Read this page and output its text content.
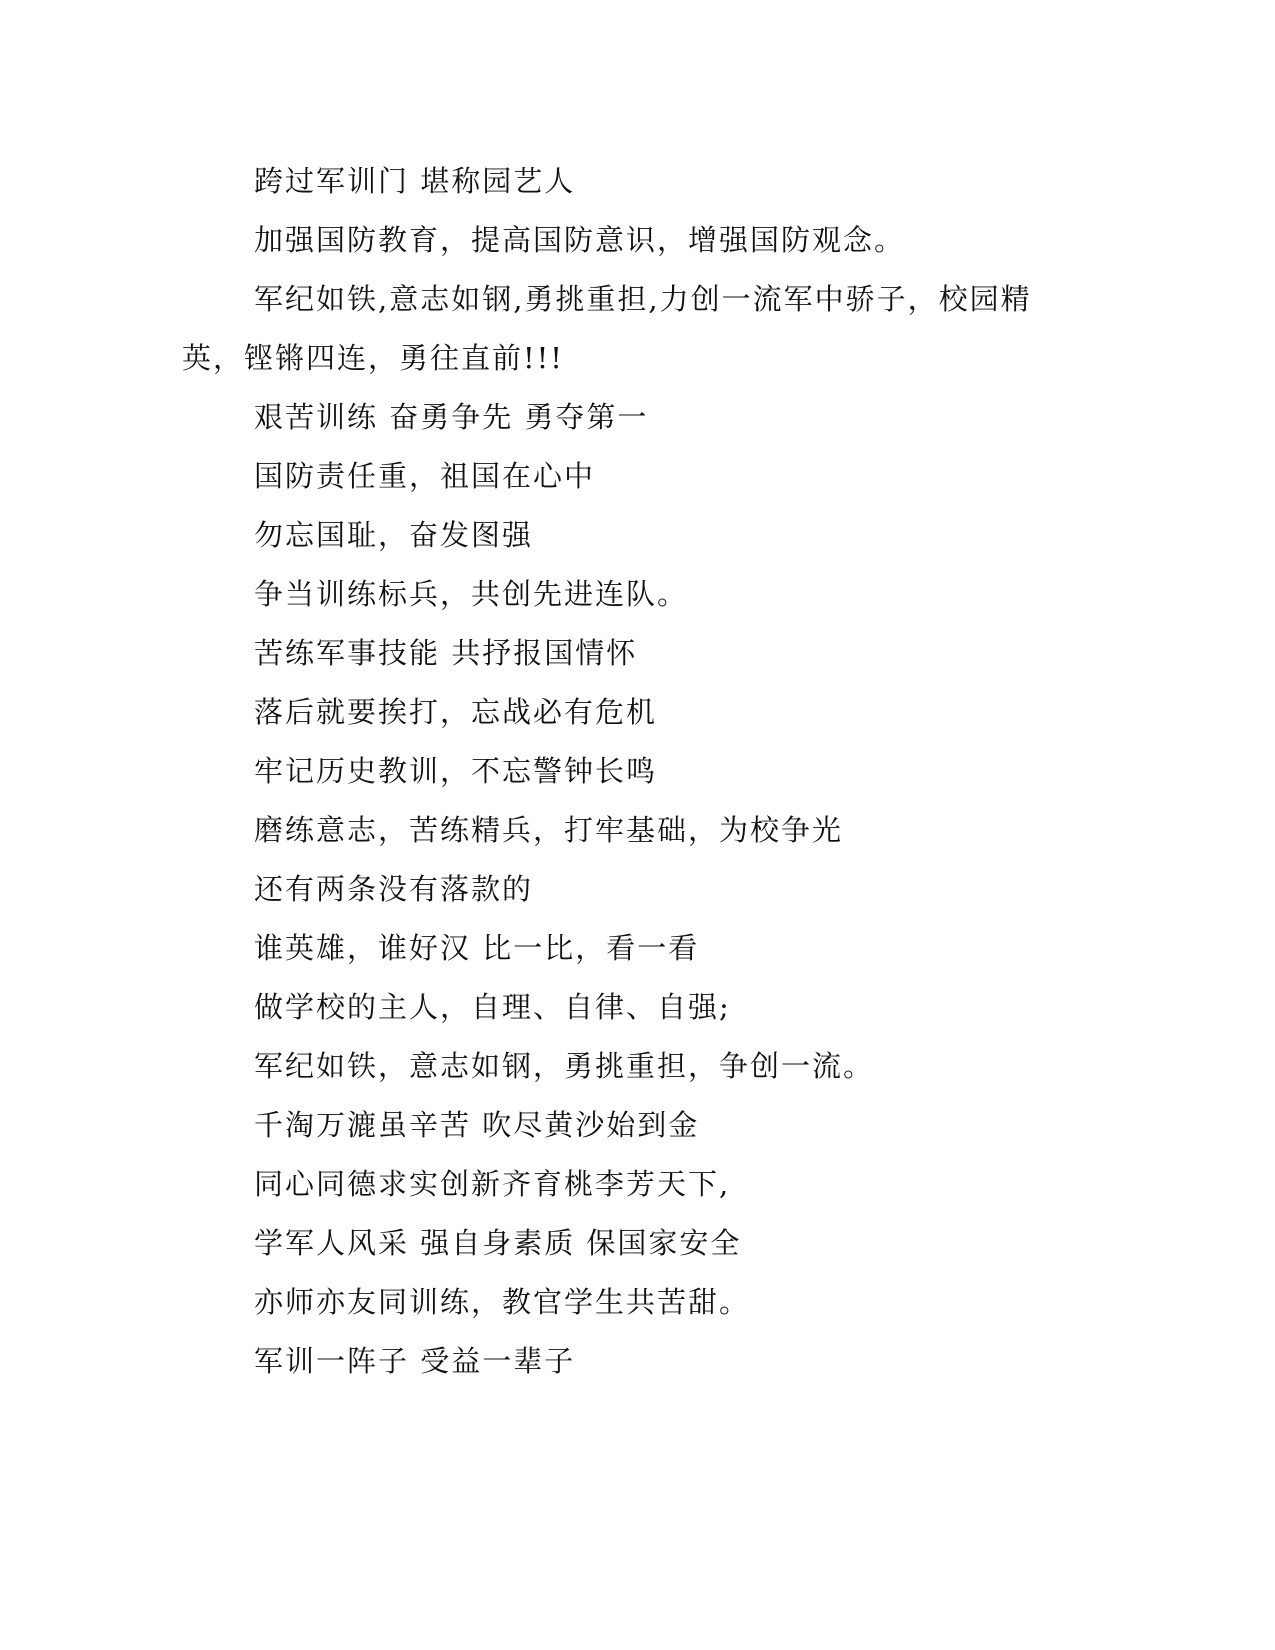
跨过军训门 堪称园艺人

加强国防教育，提高国防意识，增强国防观念。

军纪如铁,意志如钢,勇挑重担,力创一流军中骄子，校园精英，铿锵四连，勇往直前!!!

艰苦训练 奋勇争先 勇夺第一

国防责任重，祖国在心中

勿忘国耻，奋发图强

争当训练标兵，共创先进连队。

苦练军事技能 共抒报国情怀

落后就要挨打，忘战必有危机

牢记历史教训，不忘警钟长鸣

磨练意志，苦练精兵，打牢基础，为校争光

还有两条没有落款的

谁英雄，谁好汉 比一比，看一看

做学校的主人，自理、自律、自强;

军纪如铁，意志如钢，勇挑重担，争创一流。

千淘万漉虽辛苦 吹尽黄沙始到金

同心同德求实创新齐育桃李芳天下,

学军人风采 强自身素质 保国家安全

亦师亦友同训练，教官学生共苦甜。

军训一阵子 受益一辈子
